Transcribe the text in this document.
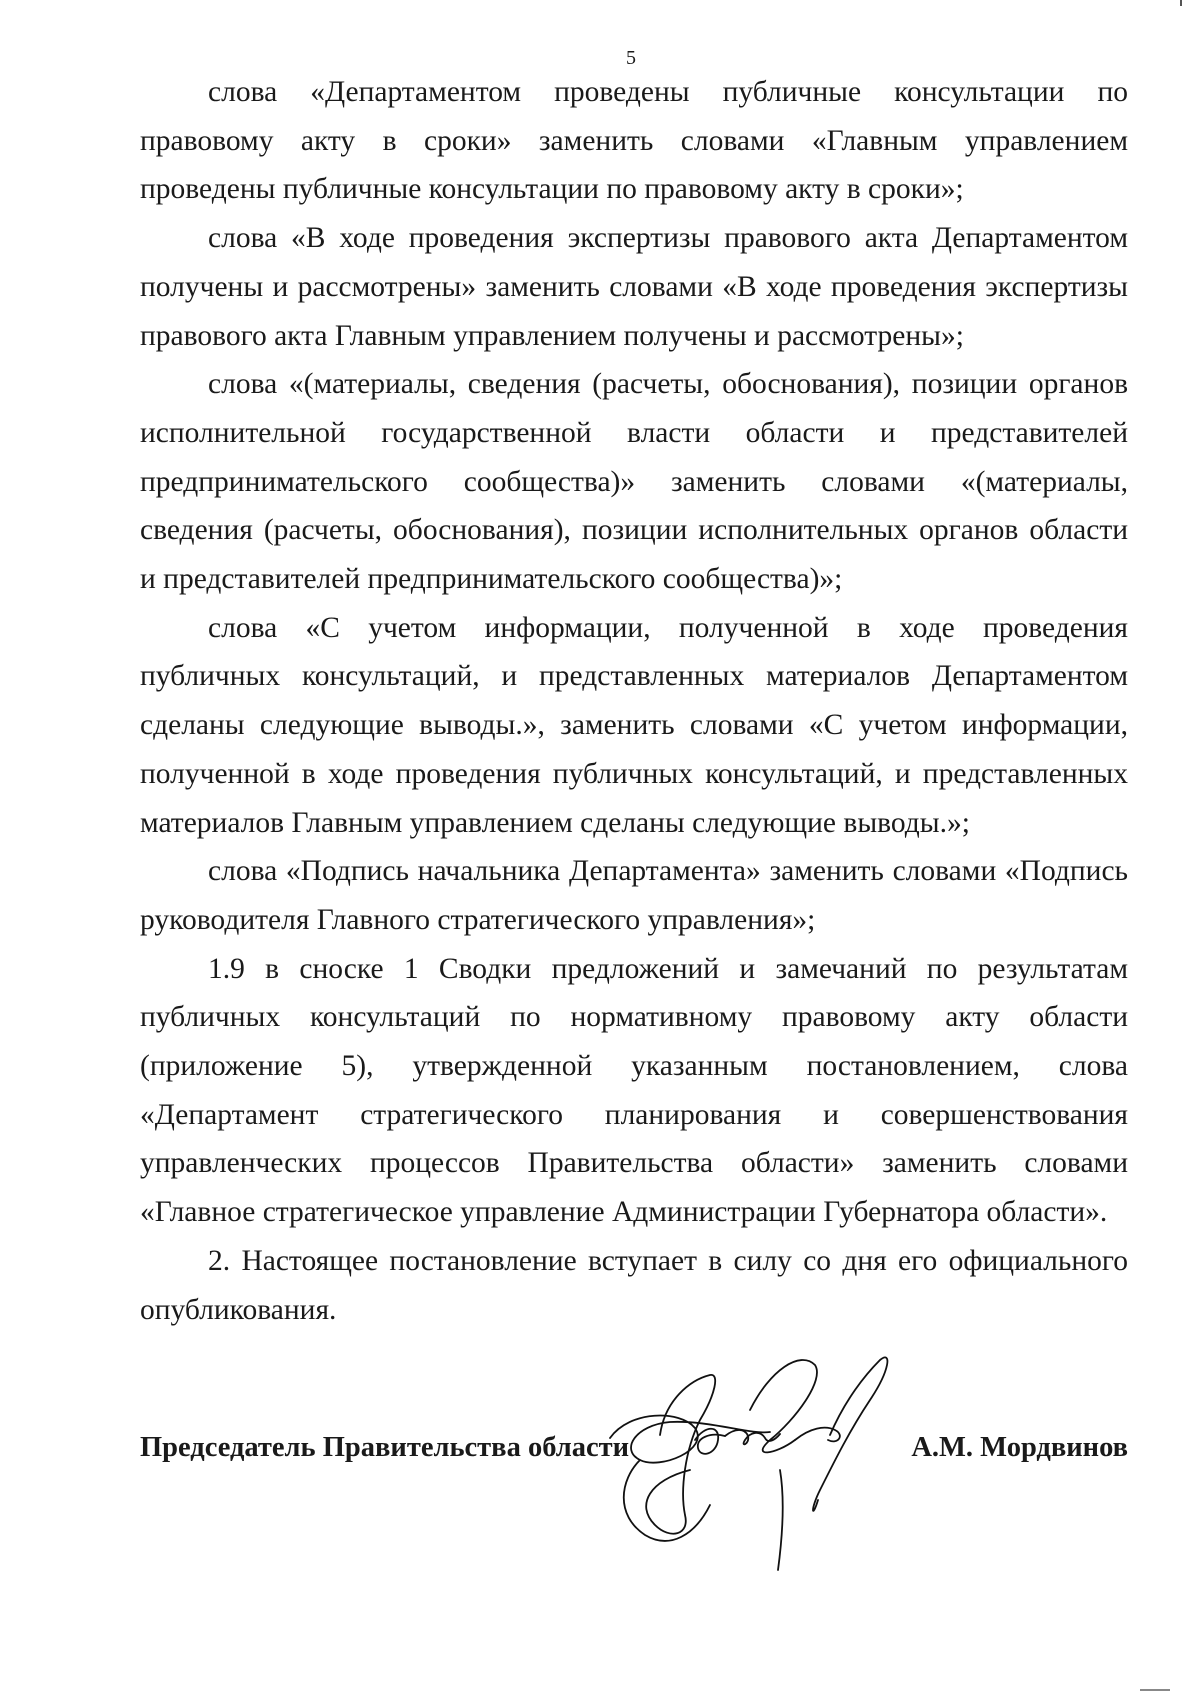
5

слова «Департаментом проведены публичные консультации по правовому акту в сроки» заменить словами «Главным управлением проведены публичные консультации по правовому акту в сроки»;

слова «В ходе проведения экспертизы правового акта Департаментом получены и рассмотрены» заменить словами «В ходе проведения экспертизы правового акта Главным управлением получены и рассмотрены»;

слова «(материалы, сведения (расчеты, обоснования), позиции органов исполнительной государственной власти области и представителей предпринимательского сообщества)» заменить словами «(материалы, сведения (расчеты, обоснования), позиции исполнительных органов области и представителей предпринимательского сообщества)»;

слова «С учетом информации, полученной в ходе проведения публичных консультаций, и представленных материалов Департаментом сделаны следующие выводы.», заменить словами «С учетом информации, полученной в ходе проведения публичных консультаций, и представленных материалов Главным управлением сделаны следующие выводы.»;

слова «Подпись начальника Департамента» заменить словами «Подпись руководителя Главного стратегического управления»;

1.9 в сноске 1 Сводки предложений и замечаний по результатам публичных консультаций по нормативному правовому акту области (приложение 5), утвержденной указанным постановлением, слова «Департамент стратегического планирования и совершенствования управленческих процессов Правительства области» заменить словами «Главное стратегическое управление Администрации Губернатора области».

2. Настоящее постановление вступает в силу со дня его официального опубликования.

Председатель Правительства области	А.М. Мордвинов
